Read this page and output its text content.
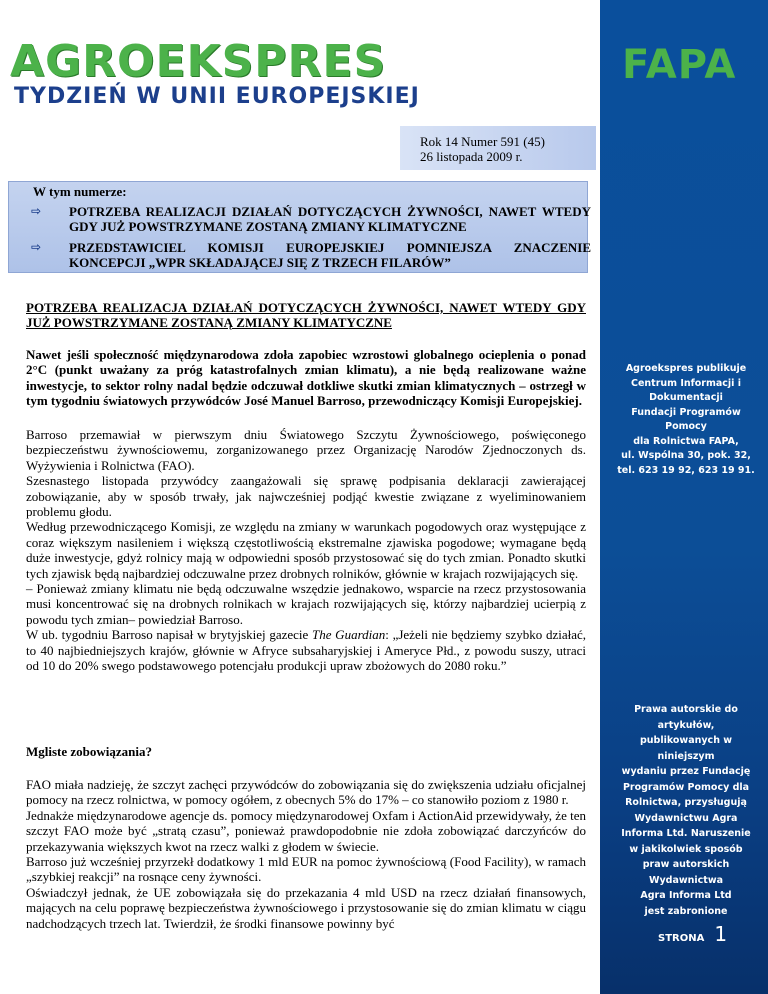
AGROEKSPRES
TYDZIEŃ W UNII EUROPEJSKIEJ
Rok 14 Numer 591 (45)
26 listopada 2009 r.
W tym numerze:
⇨	POTRZEBA REALIZACJI DZIAŁAŃ DOTYCZĄCYCH ŻYWNOŚCI, NAWET WTEDY GDY JUŻ POWSTRZYMANE ZOSTANĄ ZMIANY KLIMATYCZNE
⇨	PRZEDSTAWICIEL KOMISJI EUROPEJSKIEJ POMNIEJSZA ZNACZENIE KONCEPCJI „WPR SKŁADAJĄCEJ SIĘ Z TRZECH FILARÓW”
POTRZEBA REALIZACJA DZIAŁAŃ DOTYCZĄCYCH ŻYWNOŚCI, NAWET WTEDY GDY JUŻ POWSTRZYMANE ZOSTANĄ ZMIANY KLIMATYCZNE
Nawet jeśli społeczność międzynarodowa zdoła zapobiec wzrostowi globalnego ocieplenia o ponad 2°C (punkt uważany za próg katastrofalnych zmian klimatu), a nie będą realizowane ważne inwestycje, to sektor rolny nadal będzie odczuwał dotkliwe skutki zmian klimatycznych – ostrzegł w tym tygodniu światowych przywódców José Manuel Barroso, przewodniczący Komisji Europejskiej.

Barroso przemawiał w pierwszym dniu Światowego Szczytu Żywnościowego, poświęconego bezpieczeństwu żywnościowemu, zorganizowanego przez Organizację Narodów Zjednoczonych ds. Wyżywienia i Rolnictwa (FAO).

Szesnastego listopada przywódcy zaangażowali się sprawę podpisania deklaracji zawierającej zobowiązanie, aby w sposób trwały, jak najwcześniej podjąć kwestie związane z wyeliminowaniem problemu głodu.

Według przewodniczącego Komisji, ze względu na zmiany w warunkach pogodowych oraz występujące z coraz większym nasileniem i większą częstotliwością ekstremalne zjawiska pogodowe; wymagane będą duże inwestycje, gdyż rolnicy mają w odpowiedni sposób przystosować się do tych zmian. Ponadto skutki tych zjawisk będą najbardziej odczuwalne przez drobnych rolników, głównie w krajach rozwijających się.

– Ponieważ zmiany klimatu nie będą odczuwalne wszędzie jednakowo, wsparcie na rzecz przystosowania musi koncentrować się na drobnych rolnikach w krajach rozwijających się, którzy najbardziej ucierpią z powodu tych zmian– powiedział Barroso.

W ub. tygodniu Barroso napisał w brytyjskiej gazecie The Guardian: „Jeżeli nie będziemy szybko działać, to 40 najbiedniejszych krajów, głównie w Afryce subsaharyjskiej i Ameryce Płd., z powodu suszy, utraci od 10 do 20% swego podstawowego potencjału produkcji upraw zbożowych do 2080 roku.”

Mgliste zobowiązania?

FAO miała nadzieję, że szczyt zachęci przywódców do zobowiązania się do zwiększenia udziału oficjalnej pomocy na rzecz rolnictwa, w pomocy ogółem, z obecnych 5% do 17% – co stanowiło poziom z 1980 r.

Jednakże międzynarodowe agencje ds. pomocy międzynarodowej Oxfam i ActionAid przewidywały, że ten szczyt FAO może być „stratą czasu”, ponieważ prawdopodobnie nie zdoła zobowiązać darczyńców do przekazywania większych kwot na rzecz walki z głodem w świecie.

Barroso już wcześniej przyrzekł dodatkowy 1 mld EUR na pomoc żywnościową (Food Facility), w ramach „szybkiej reakcji” na rosnące ceny żywności.

Oświadczył jednak, że UE zobowiązała się do przekazania 4 mld USD na rzecz działań finansowych, mających na celu poprawę bezpieczeństwa żywnościowego i przystosowanie się do zmian klimatu w ciągu nadchodzących trzech lat. Twierdził, że środki finansowe powinny być

FAPA
Agroekspres publikuje
Centrum Informacji i Dokumentacji
Fundacji Programów Pomocy
dla Rolnictwa FAPA,
ul. Wspólna 30, pok. 32,
tel. 623 19 92, 623 19 91.
Prawa autorskie do artykułów,
publikowanych w niniejszym
wydaniu przez Fundację
Programów Pomocy dla
Rolnictwa, przysługują
Wydawnictwu Agra
Informa Ltd. Naruszenie
w jakikolwiek sposób
praw autorskich Wydawnictwa
Agra Informa Ltd
jest zabronione
STRONA 1
